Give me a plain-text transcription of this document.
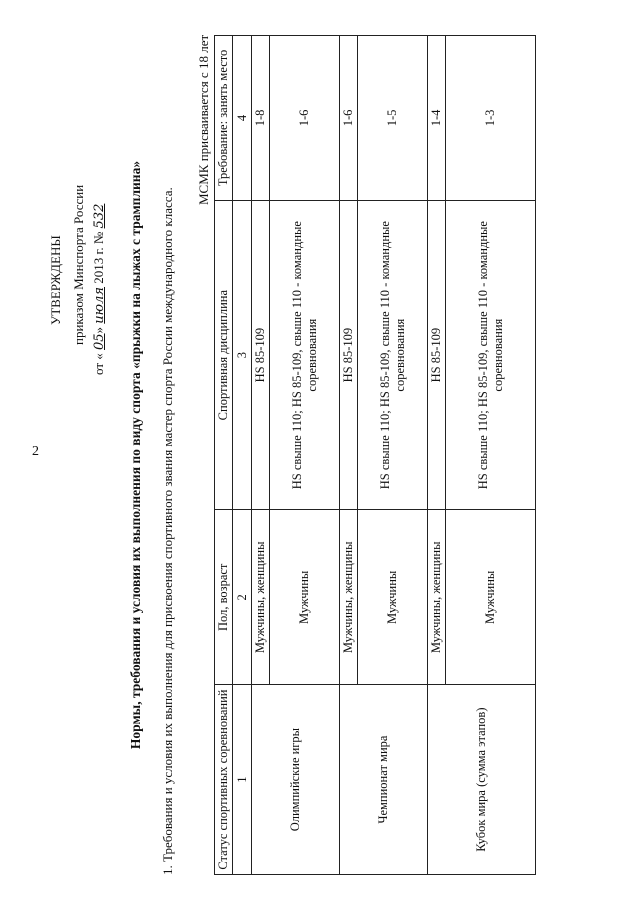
2
УТВЕРЖДЕНЫ приказом Минспорта России
от « 05» июля 2013 г. № 532 Нормы, требования и условия их выполнения по виду спорта «прыжки на лыжах с трамплина» 1. Требования и условия их выполнения для присвоения спортивного звания мастер спорта России международного класса.
МСМК присваивается с 18 лет
Статус спортивных соревнований	Пол, возраст	Спортивная дисциплина	Требование: занять место
1	2	3	4
Олимпийские игры	Мужчины, женщины	HS 85-109	1-8
	Мужчины	HS свыше 110; HS 85-109, свыше 110 - командные соревнования	1-6
Чемпионат мира	Мужчины, женщины	HS 85-109	1-6
	Мужчины	HS свыше 110; HS 85-109, свыше 110 - командные соревнования	1-5
Кубок мира (сумма этапов)	Мужчины, женщины	HS 85-109	1-4
	Мужчины	HS свыше 110; HS 85-109, свыше 110 - командные соревнования	1-3
